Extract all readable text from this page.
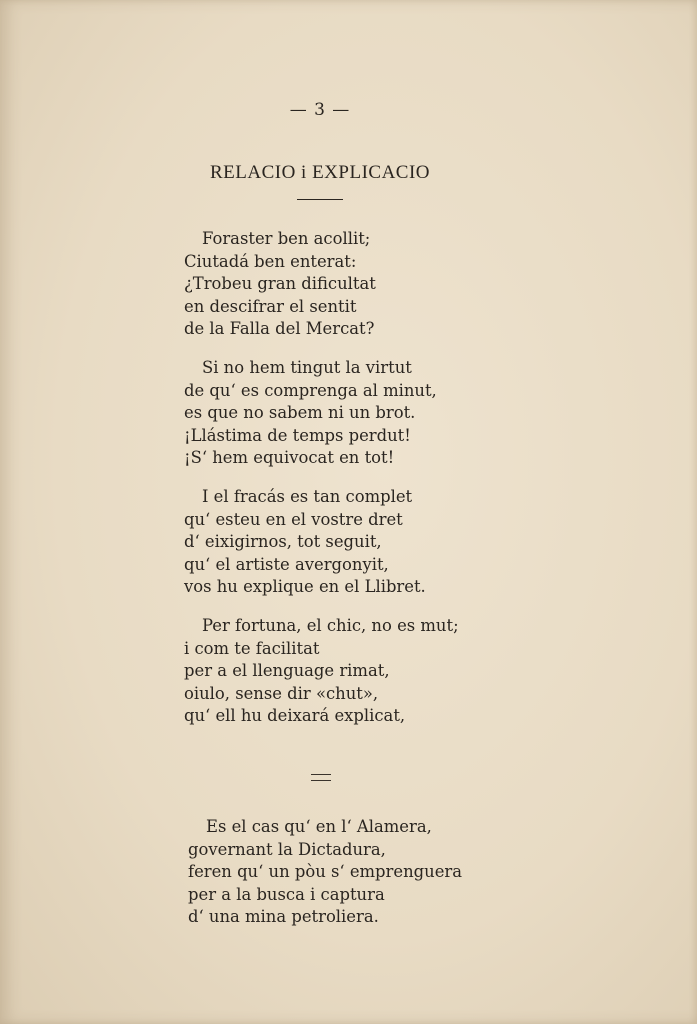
— 3 —
RELACIO i EXPLICACIO
Foraster ben acollit;
Ciutadá ben enterat:
¿Trobeu gran dificultat
en descifrar el sentit
de la Falla del Mercat?
Si no hem tingut la virtut
de qu‘ es comprenga al minut,
es que no sabem ni un brot.
¡Llástima de temps perdut!
¡S‘ hem equivocat en tot!
I el fracás es tan complet
qu‘ esteu en el vostre dret
d‘ eixigirnos, tot seguit,
qu‘ el artiste avergonyit,
vos hu explique en el Llibret.
Per fortuna, el chic, no es mut;
i com te facilitat
per a el llenguage rimat,
oiulo, sense dir «chut»,
qu‘ ell hu deixará explicat,
Es el cas qu‘ en l‘ Alamera,
governant la Dictadura,
feren qu‘ un pòu s‘ emprenguera
per a la busca i captura
d‘ una mina petroliera.
